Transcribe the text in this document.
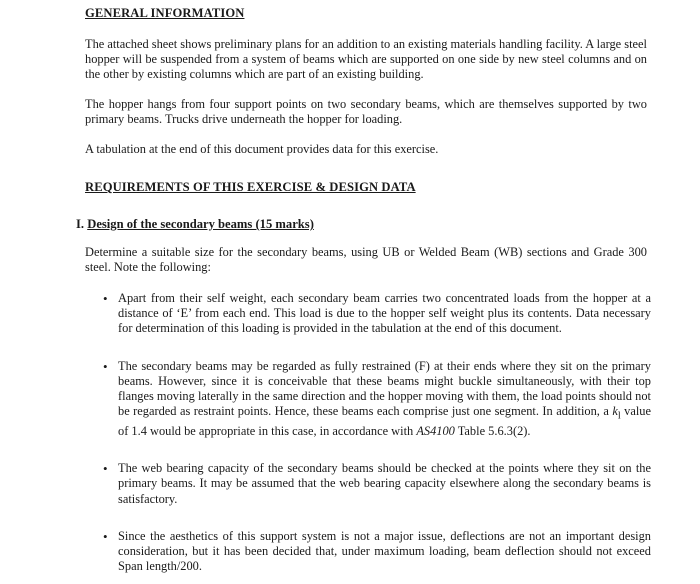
GENERAL INFORMATION
The attached sheet shows preliminary plans for an addition to an existing materials handling facility. A large steel hopper will be suspended from a system of beams which are supported on one side by new steel columns and on the other by existing columns which are part of an existing building.
The hopper hangs from four support points on two secondary beams, which are themselves supported by two primary beams. Trucks drive underneath the hopper for loading.
A tabulation at the end of this document provides data for this exercise.
REQUIREMENTS OF THIS EXERCISE & DESIGN DATA
I. Design of the secondary beams (15 marks)
Determine a suitable size for the secondary beams, using UB or Welded Beam (WB) sections and Grade 300 steel. Note the following:
• Apart from their self weight, each secondary beam carries two concentrated loads from the hopper at a distance of ‘E’ from each end. This load is due to the hopper self weight plus its contents. Data necessary for determination of this loading is provided in the tabulation at the end of this document.
• The secondary beams may be regarded as fully restrained (F) at their ends where they sit on the primary beams. However, since it is conceivable that these beams might buckle simultaneously, with their top flanges moving laterally in the same direction and the hopper moving with them, the load points should not be regarded as restraint points. Hence, these beams each comprise just one segment. In addition, a $k_l$ value of 1.4 would be appropriate in this case, in accordance with AS4100 Table 5.6.3(2).
• The web bearing capacity of the secondary beams should be checked at the points where they sit on the primary beams. It may be assumed that the web bearing capacity elsewhere along the secondary beams is satisfactory.
• Since the aesthetics of this support system is not a major issue, deflections are not an important design consideration, but it has been decided that, under maximum loading, beam deflection should not exceed Span length/200.
